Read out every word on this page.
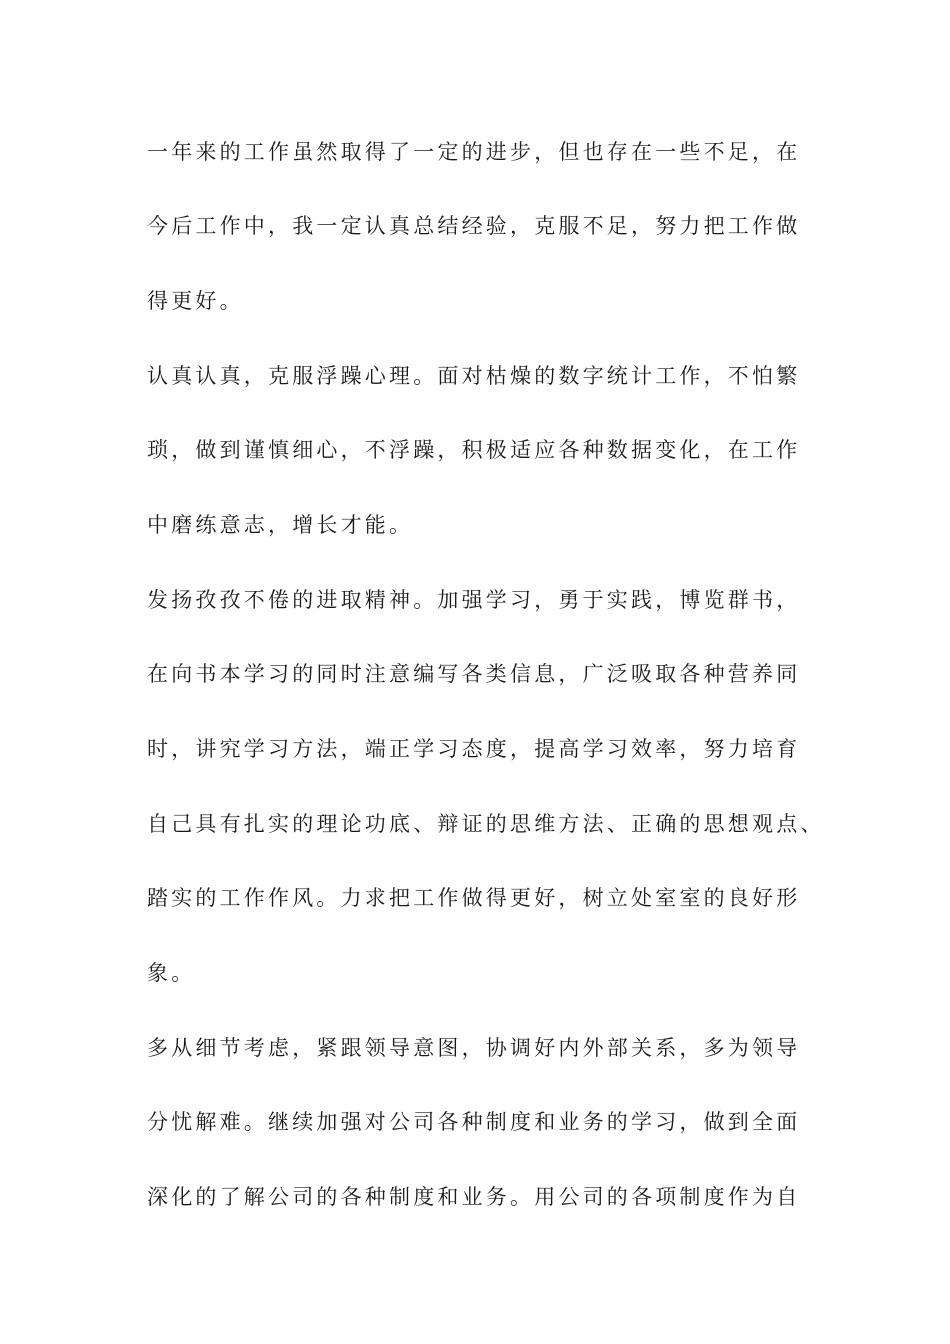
一年来的工作虽然取得了一定的进步，但也存在一些不足，在
今后工作中，我一定认真总结经验，克服不足，努力把工作做
得更好。
认真认真，克服浮躁心理。面对枯燥的数字统计工作，不怕繁
琐，做到谨慎细心，不浮躁，积极适应各种数据变化，在工作
中磨练意志，增长才能。
发扬孜孜不倦的进取精神。加强学习，勇于实践，博览群书，
在向书本学习的同时注意编写各类信息，广泛吸取各种营养同
时，讲究学习方法，端正学习态度，提高学习效率，努力培育
自己具有扎实的理论功底、辩证的思维方法、正确的思想观点、
踏实的工作作风。力求把工作做得更好，树立处室室的良好形
象。
多从细节考虑，紧跟领导意图，协调好内外部关系，多为领导
分忧解难。继续加强对公司各种制度和业务的学习，做到全面
深化的了解公司的各种制度和业务。用公司的各项制度作为自
